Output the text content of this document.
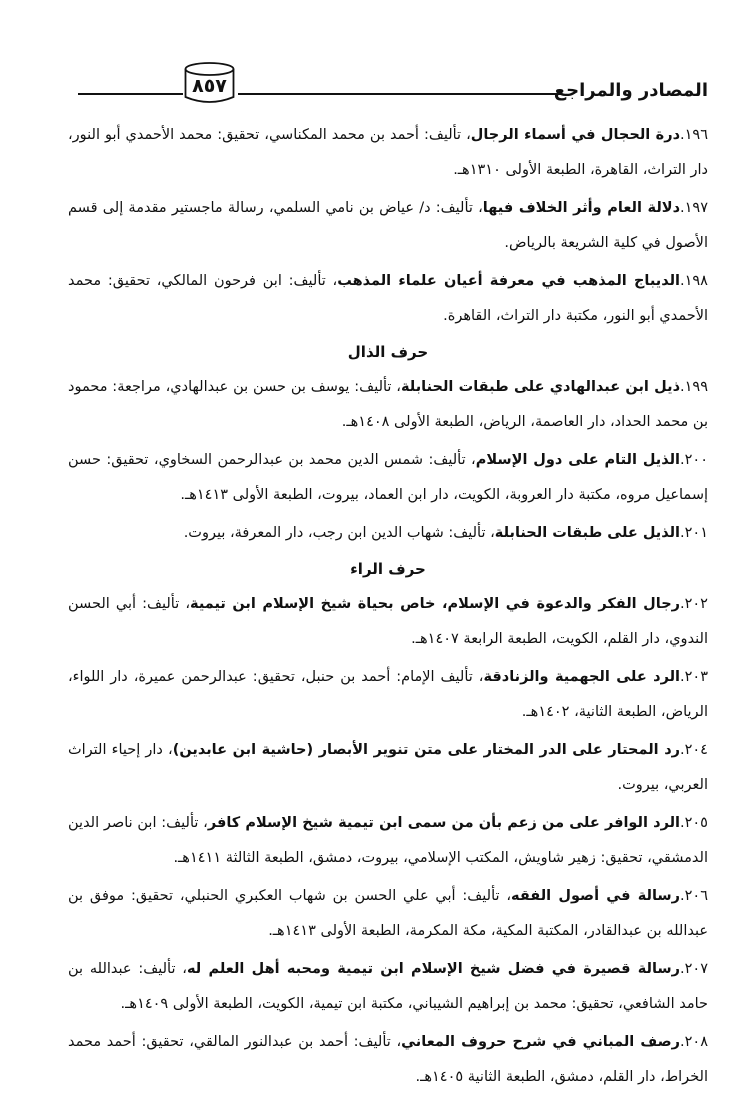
٨٥٧	المصادر والمراجع

١٩٦.درة الحجال في أسماء الرجال، تأليف: أحمد بن محمد المكناسي، تحقيق: محمد الأحمدي أبو النور، دار التراث، القاهرة، الطبعة الأولى ١٣١٠هـ.

١٩٧.دلالة العام وأثر الخلاف فيها، تأليف: د/ عياض بن نامي السلمي، رسالة ماجستير مقدمة إلى قسم الأصول في كلية الشريعة بالرياض.

١٩٨.الديباج المذهب في معرفة أعيان علماء المذهب، تأليف: ابن فرحون المالكي، تحقيق: محمد الأحمدي أبو النور، مكتبة دار التراث، القاهرة.

حرف الذال

١٩٩.ذيل ابن عبدالهادي على طبقات الحنابلة، تأليف: يوسف بن حسن بن عبدالهادي، مراجعة: محمود بن محمد الحداد، دار العاصمة، الرياض، الطبعة الأولى ١٤٠٨هـ.

٢٠٠.الذيل التام على دول الإسلام، تأليف: شمس الدين محمد بن عبدالرحمن السخاوي، تحقيق: حسن إسماعيل مروه، مكتبة دار العروبة، الكويت، دار ابن العماد، بيروت، الطبعة الأولى ١٤١٣هـ.

٢٠١.الذيل على طبقات الحنابلة، تأليف: شهاب الدين ابن رجب، دار المعرفة، بيروت.

حرف الراء

٢٠٢.رجال الفكر والدعوة في الإسلام، خاص بحياة شيخ الإسلام ابن تيمية، تأليف: أبي الحسن الندوي، دار القلم، الكويت، الطبعة الرابعة ١٤٠٧هـ.

٢٠٣.الرد على الجهمية والزنادقة، تأليف الإمام: أحمد بن حنبل، تحقيق: عبدالرحمن عميرة، دار اللواء، الرياض، الطبعة الثانية، ١٤٠٢هـ.

٢٠٤.رد المحتار على الدر المختار على متن تنوير الأبصار (حاشية ابن عابدين)، دار إحياء التراث العربي، بيروت.

٢٠٥.الرد الوافر على من زعم بأن من سمى ابن تيمية شيخ الإسلام كافر، تأليف: ابن ناصر الدين الدمشقي، تحقيق: زهير شاويش، المكتب الإسلامي، بيروت، دمشق، الطبعة الثالثة ١٤١١هـ.

٢٠٦.رسالة في أصول الفقه، تأليف: أبي علي الحسن بن شهاب العكبري الحنبلي، تحقيق: موفق بن عبدالله بن عبدالقادر، المكتبة المكية، مكة المكرمة، الطبعة الأولى ١٤١٣هـ.

٢٠٧.رسالة قصيرة في فضل شيخ الإسلام ابن تيمية ومحبه أهل العلم له، تأليف: عبدالله بن حامد الشافعي، تحقيق: محمد بن إبراهيم الشيباني، مكتبة ابن تيمية، الكويت، الطبعة الأولى ١٤٠٩هـ.

٢٠٨.رصف المباني في شرح حروف المعاني، تأليف: أحمد بن عبدالنور المالقي، تحقيق: أحمد محمد الخراط، دار القلم، دمشق، الطبعة الثانية ١٤٠٥هـ.
